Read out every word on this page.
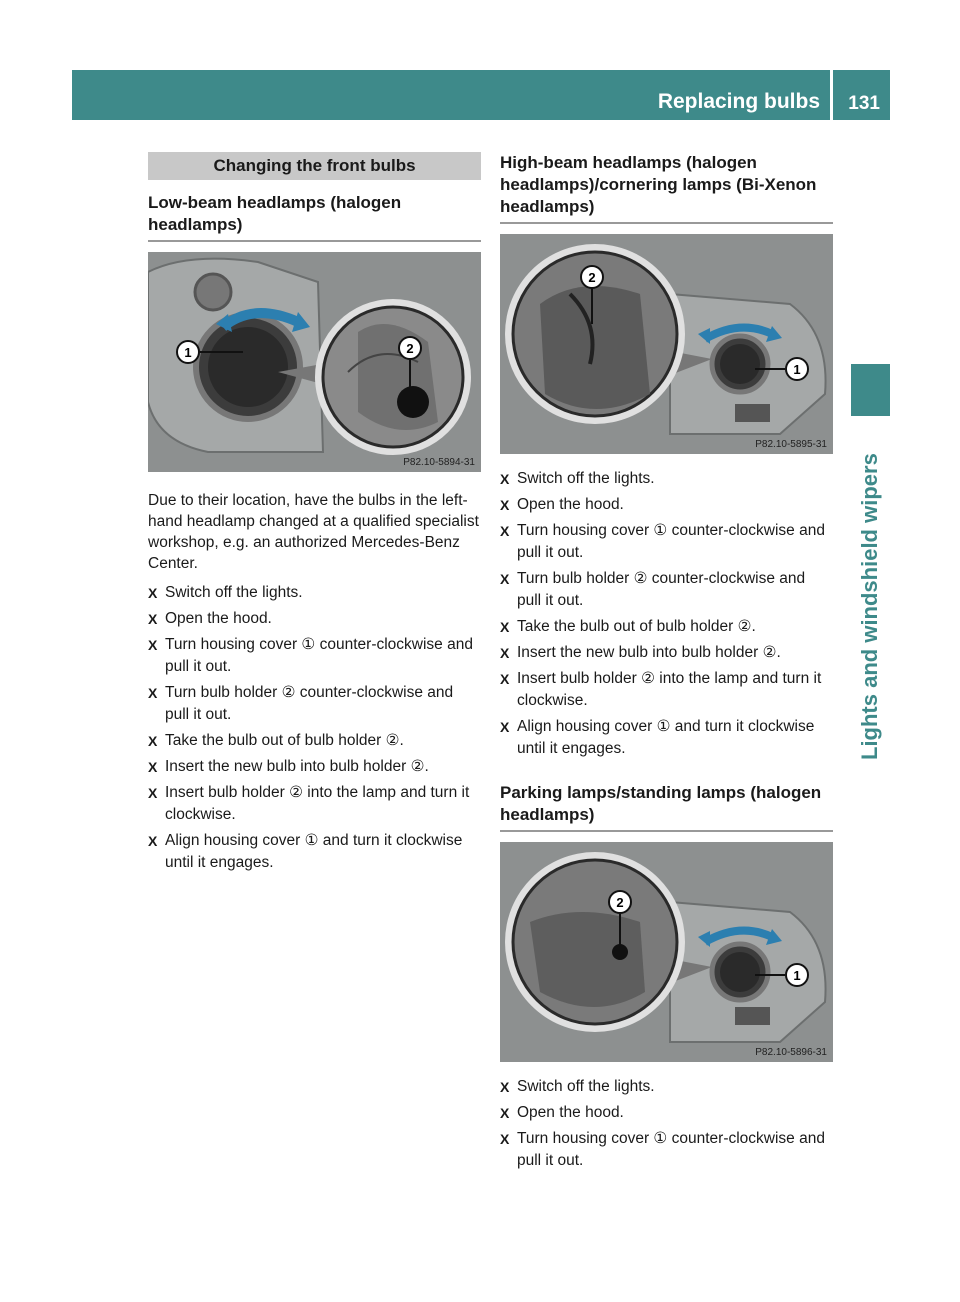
Replacing bulbs 131
Lights and windshield wipers
Changing the front bulbs
Low-beam headlamps (halogen headlamps)
1	2
P82.10-5894-31

Due to their location, have the bulbs in the left-hand headlamp changed at a qualified specialist workshop, e.g. an authorized Mercedes-Benz Center.

X Switch off the lights.
X Open the hood.
X Turn housing cover ① counter-clockwise and pull it out.
X Turn bulb holder ② counter-clockwise and pull it out.
X Take the bulb out of bulb holder ②.
X Insert the new bulb into bulb holder ②.
X Insert bulb holder ② into the lamp and turn it clockwise.
X Align housing cover ① and turn it clockwise until it engages.
High-beam headlamps (halogen headlamps)/cornering lamps (Bi-Xenon headlamps)
1
2
P82.10-5895-31
X Switch off the lights.
X Open the hood.
X Turn housing cover ① counter-clockwise and pull it out.
X Turn bulb holder ② counter-clockwise and pull it out.
X Take the bulb out of bulb holder ②.
X Insert the new bulb into bulb holder ②.
X Insert bulb holder ② into the lamp and turn it clockwise.
X Align housing cover ① and turn it clockwise until it engages.
Parking lamps/standing lamps (halogen headlamps)
1
2
P82.10-5896-31
X Switch off the lights.
X Open the hood.
X Turn housing cover ① counter-clockwise and pull it out.
